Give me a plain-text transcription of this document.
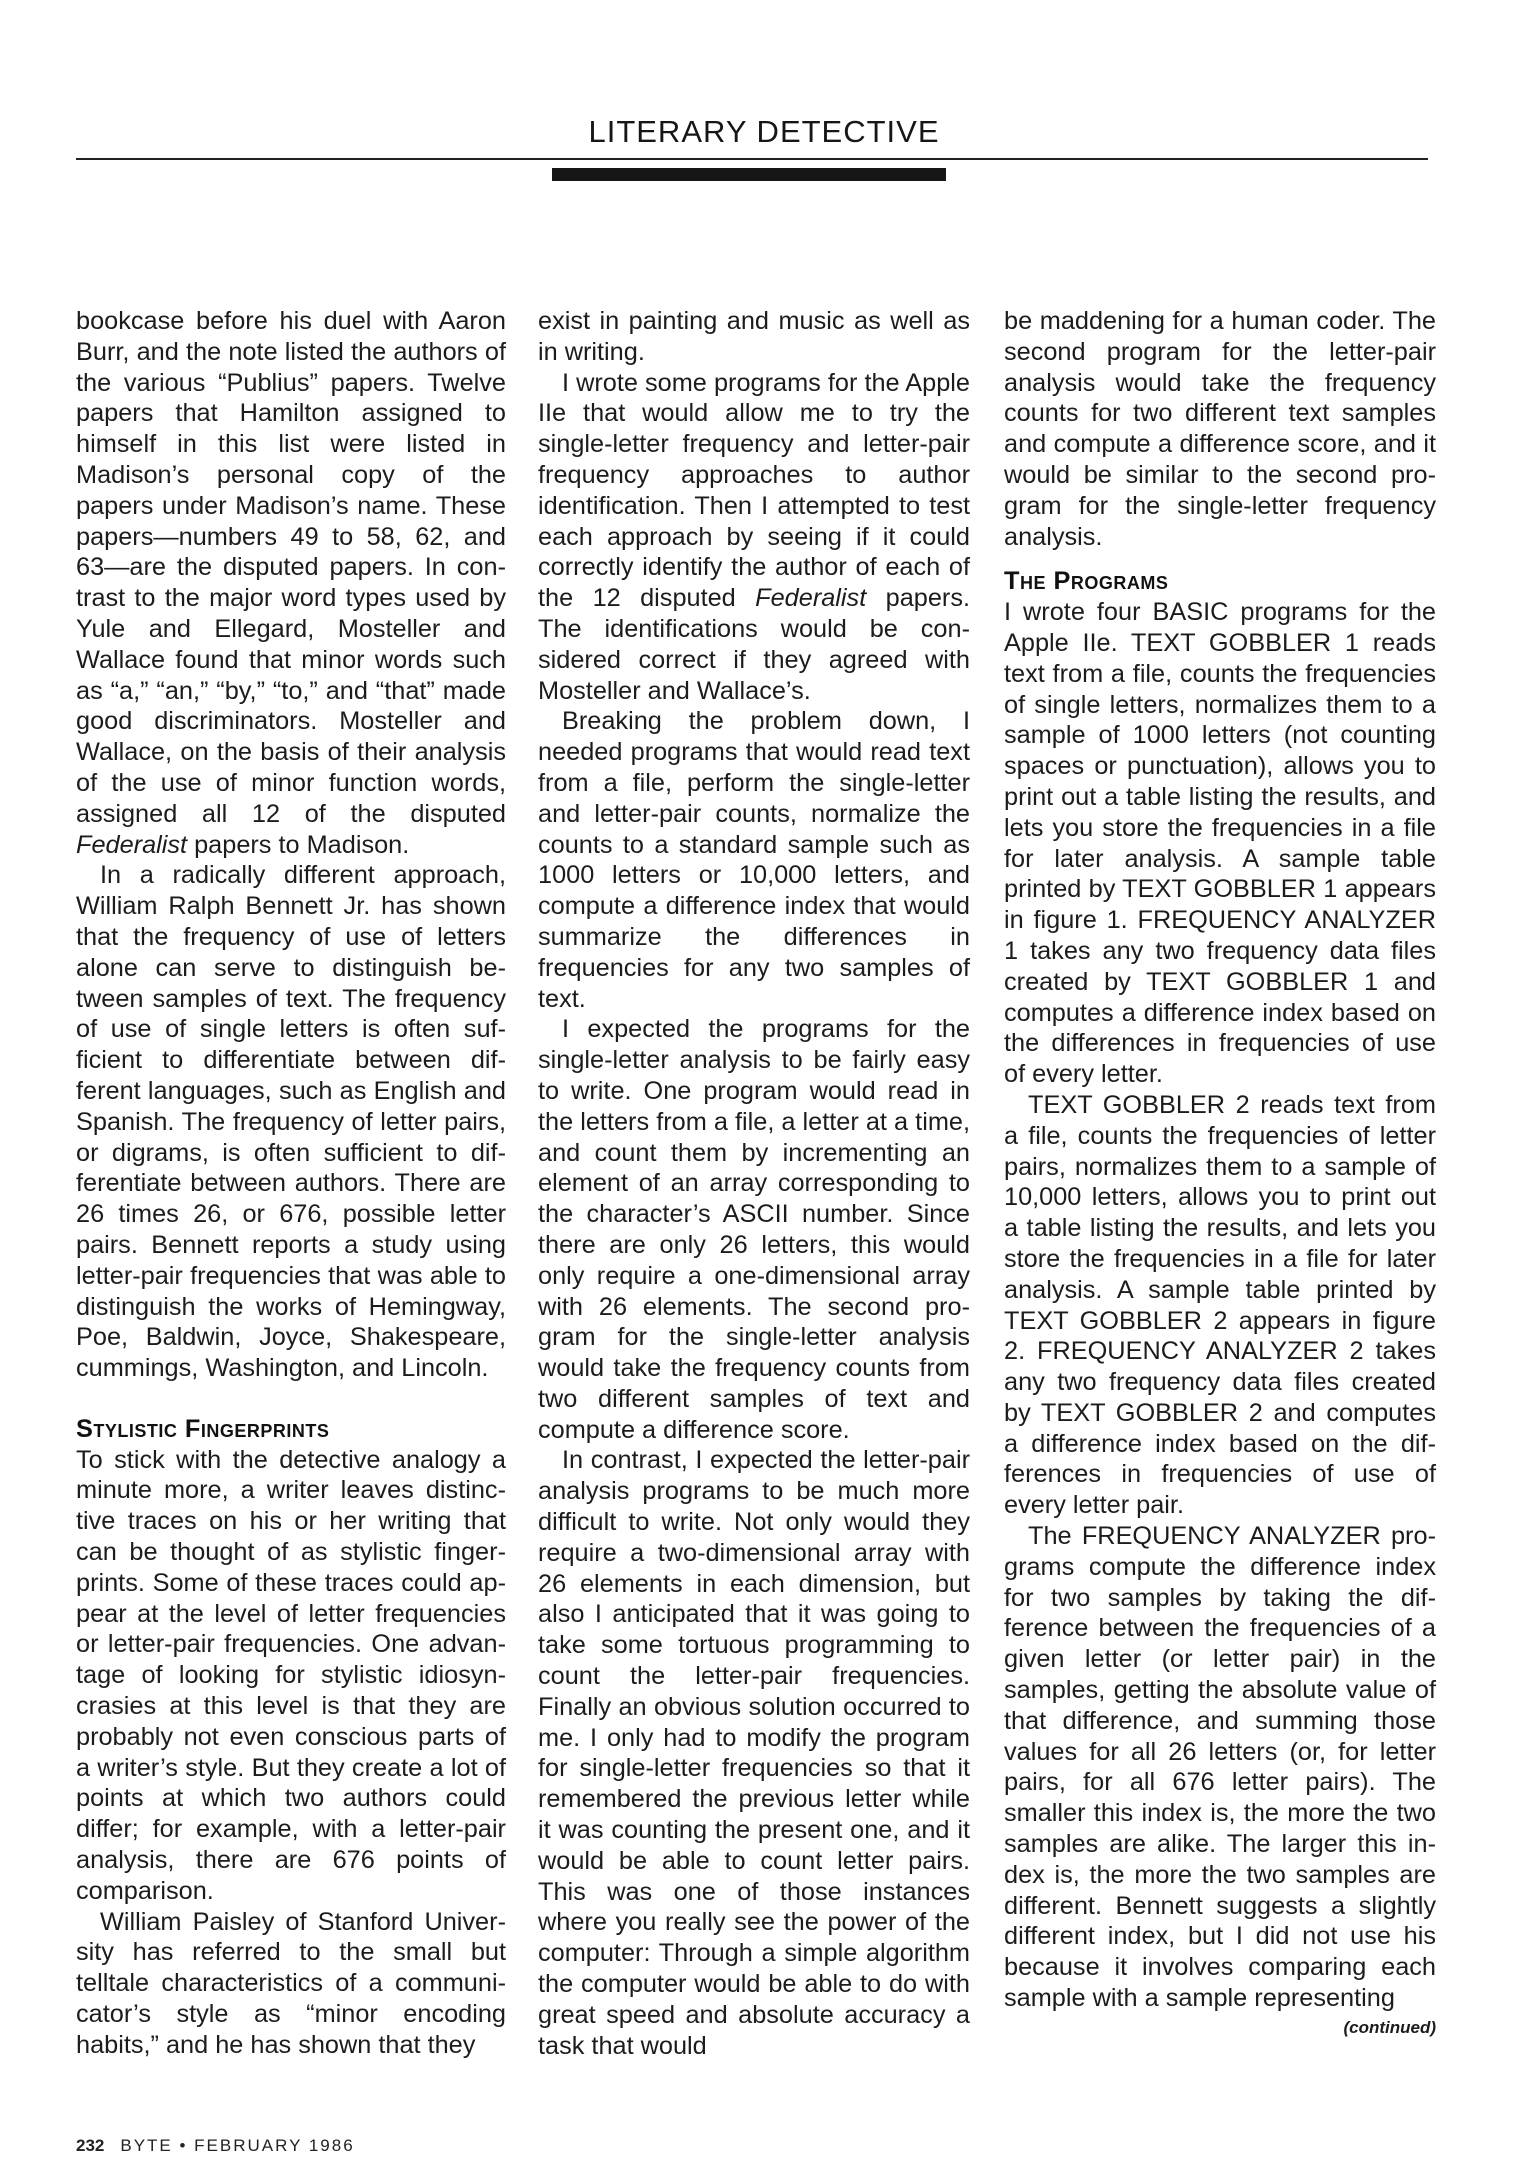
LITERARY DETECTIVE

bookcase before his duel with Aaron Burr, and the note listed the authors of the various “Publius” papers. Twelve papers that Hamilton assigned to himself in this list were listed in Madison’s personal copy of the papers under Madison’s name. These papers—numbers 49 to 58, 62, and 63—are the disputed papers. In contrast to the major word types used by Yule and Ellegard, Mosteller and Wallace found that minor words such as “a,” “an,” “by,” “to,” and “that” made good discriminators. Mosteller and Wallace, on the basis of their analysis of the use of minor function words, assigned all 12 of the disputed Federalist papers to Madison.

In a radically different approach, William Ralph Bennett Jr. has shown that the frequency of use of letters alone can serve to distinguish between samples of text. The frequency of use of single letters is often sufficient to differentiate between different languages, such as English and Spanish. The frequency of letter pairs, or digrams, is often sufficient to differentiate between authors. There are 26 times 26, or 676, possible letter pairs. Bennett reports a study using letter-pair frequencies that was able to distinguish the works of Hemingway, Poe, Baldwin, Joyce, Shakespeare, cummings, Washington, and Lincoln.

Stylistic Fingerprints

To stick with the detective analogy a minute more, a writer leaves distinctive traces on his or her writing that can be thought of as stylistic fingerprints. Some of these traces could appear at the level of letter frequencies or letter-pair frequencies. One advantage of looking for stylistic idiosyncrasies at this level is that they are probably not even conscious parts of a writer’s style. But they create a lot of points at which two authors could differ; for example, with a letter-pair analysis, there are 676 points of comparison.

William Paisley of Stanford University has referred to the small but telltale characteristics of a communicator’s style as “minor encoding habits,” and he has shown that they

exist in painting and music as well as in writing.

I wrote some programs for the Apple IIe that would allow me to try the single-letter frequency and letter-pair frequency approaches to author identification. Then I attempted to test each approach by seeing if it could correctly identify the author of each of the 12 disputed Federalist papers. The identifications would be considered correct if they agreed with Mosteller and Wallace’s.

Breaking the problem down, I needed programs that would read text from a file, perform the single-letter and letter-pair counts, normalize the counts to a standard sample such as 1000 letters or 10,000 letters, and compute a difference index that would summarize the differences in frequencies for any two samples of text.

I expected the programs for the single-letter analysis to be fairly easy to write. One program would read in the letters from a file, a letter at a time, and count them by incrementing an element of an array corresponding to the character’s ASCII number. Since there are only 26 letters, this would only require a one-dimensional array with 26 elements. The second program for the single-letter analysis would take the frequency counts from two different samples of text and compute a difference score.

In contrast, I expected the letter-pair analysis programs to be much more difficult to write. Not only would they require a two-dimensional array with 26 elements in each dimension, but also I anticipated that it was going to take some tortuous programming to count the letter-pair frequencies. Finally an obvious solution occurred to me. I only had to modify the program for single-letter frequencies so that it remembered the previous letter while it was counting the present one, and it would be able to count letter pairs. This was one of those instances where you really see the power of the computer: Through a simple algorithm the computer would be able to do with great speed and absolute accuracy a task that would

be maddening for a human coder. The second program for the letter-pair analysis would take the frequency counts for two different text samples and compute a difference score, and it would be similar to the second program for the single-letter frequency analysis.

The Programs

I wrote four BASIC programs for the Apple IIe. TEXT GOBBLER 1 reads text from a file, counts the frequencies of single letters, normalizes them to a sample of 1000 letters (not counting spaces or punctuation), allows you to print out a table listing the results, and lets you store the frequencies in a file for later analysis. A sample table printed by TEXT GOBBLER 1 appears in figure 1. FREQUENCY ANALYZER 1 takes any two frequency data files created by TEXT GOBBLER 1 and computes a difference index based on the differences in frequencies of use of every letter.

TEXT GOBBLER 2 reads text from a file, counts the frequencies of letter pairs, normalizes them to a sample of 10,000 letters, allows you to print out a table listing the results, and lets you store the frequencies in a file for later analysis. A sample table printed by TEXT GOBBLER 2 appears in figure 2. FREQUENCY ANALYZER 2 takes any two frequency data files created by TEXT GOBBLER 2 and computes a difference index based on the differences in frequencies of use of every letter pair.

The FREQUENCY ANALYZER programs compute the difference index for two samples by taking the difference between the frequencies of a given letter (or letter pair) in the samples, getting the absolute value of that difference, and summing those values for all 26 letters (or, for letter pairs, for all 676 letter pairs). The smaller this index is, the more the two samples are alike. The larger this index is, the more the two samples are different. Bennett suggests a slightly different index, but I did not use his because it involves comparing each sample with a sample representing

(continued)
232 BYTE • FEBRUARY 1986
